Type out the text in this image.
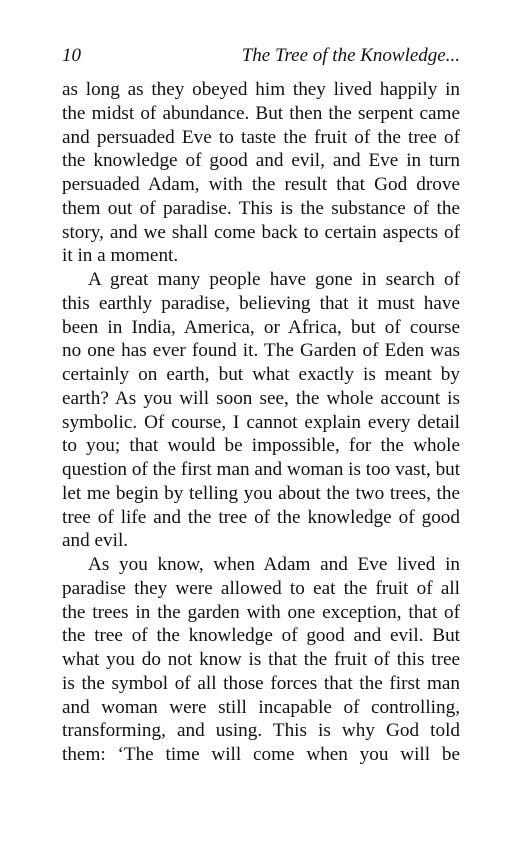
10	The Tree of the Knowledge...
as long as they obeyed him they lived happily in
the midst of abundance. But then the serpent came
and persuaded Eve to taste the fruit of the tree of
the knowledge of good and evil, and Eve in turn
persuaded Adam, with the result that God drove
them out of paradise. This is the substance of the
story, and we shall come back to certain aspects of
it in a moment.
A great many people have gone in search of
this earthly paradise, believing that it must have
been in India, America, or Africa, but of course
no one has ever found it. The Garden of Eden was
certainly on earth, but what exactly is meant by
earth? As you will soon see, the whole account is
symbolic. Of course, I cannot explain every detail
to you; that would be impossible, for the whole
question of the first man and woman is too vast, but
let me begin by telling you about the two trees, the
tree of life and the tree of the knowledge of good
and evil.
As you know, when Adam and Eve lived in
paradise they were allowed to eat the fruit of all
the trees in the garden with one exception, that of
the tree of the knowledge of good and evil. But
what you do not know is that the fruit of this tree
is the symbol of all those forces that the first man
and woman were still incapable of controlling,
transforming, and using. This is why God told
them: ‘The time will come when you will be
